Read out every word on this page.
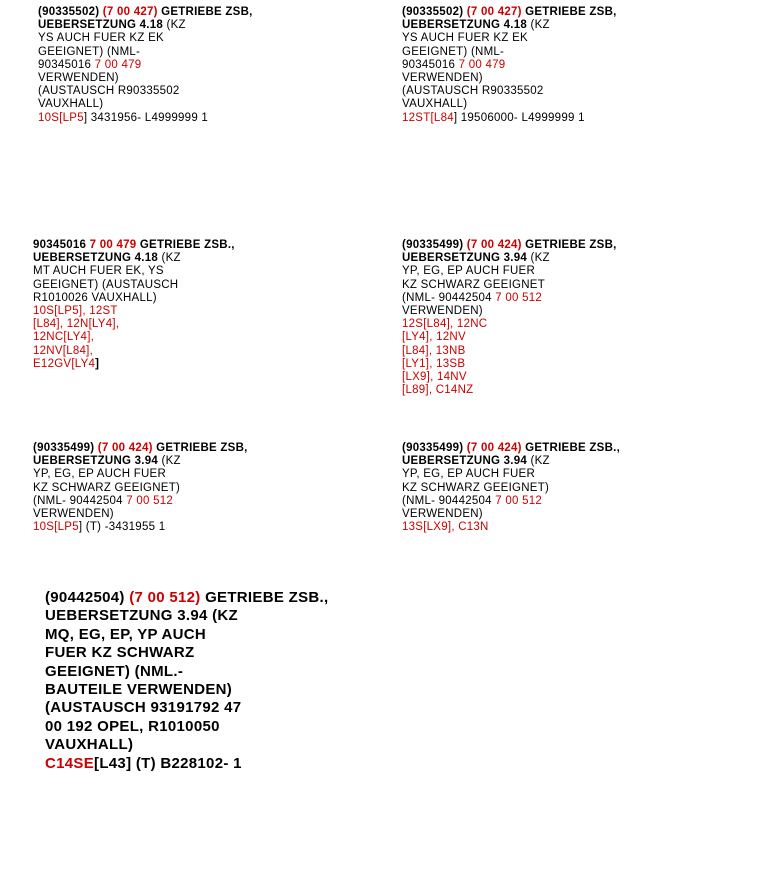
(90335502) (7 00 427) GETRIEBE ZSB,
UEBERSETZUNG 4.18 (KZ
YS AUCH FUER KZ EK
GEEIGNET) (NML-
90345016 7 00 479
VERWENDEN)
(AUSTAUSCH R90335502
VAUXHALL)
10S[LP5] 3431956- L4999999 1
(90335502) (7 00 427) GETRIEBE ZSB,
UEBERSETZUNG 4.18 (KZ
YS AUCH FUER KZ EK
GEEIGNET) (NML-
90345016 7 00 479
VERWENDEN)
(AUSTAUSCH R90335502
VAUXHALL)
12ST[L84] 19506000- L4999999 1
90345016 7 00 479 GETRIEBE ZSB.,
UEBERSETZUNG 4.18 (KZ
MT AUCH FUER EK, YS
GEEIGNET) (AUSTAUSCH
R1010026 VAUXHALL)
10S[LP5], 12ST
[L84], 12N[LY4],
12NC[LY4],
12NV[L84],
E12GV[LY4]
(90335499) (7 00 424) GETRIEBE ZSB,
UEBERSETZUNG 3.94 (KZ
YP, EG, EP AUCH FUER
KZ SCHWARZ GEEIGNET
(NML- 90442504 7 00 512
VERWENDEN)
12S[L84], 12NC
[LY4], 12NV
[L84], 13NB
[LY1], 13SB
[LX9], 14NV
[L89], C14NZ
(90335499) (7 00 424) GETRIEBE ZSB,
UEBERSETZUNG 3.94 (KZ
YP, EG, EP AUCH FUER
KZ SCHWARZ GEEIGNET)
(NML- 90442504 7 00 512
VERWENDEN)
10S[LP5] (T) -3431955 1
(90335499) (7 00 424) GETRIEBE ZSB.,
UEBERSETZUNG 3.94 (KZ
YP, EG, EP AUCH FUER
KZ SCHWARZ GEEIGNET)
(NML- 90442504 7 00 512
VERWENDEN)
13S[LX9], C13N
(90442504) (7 00 512) GETRIEBE ZSB.,
UEBERSETZUNG 3.94 (KZ
MQ, EG, EP, YP AUCH
FUER KZ SCHWARZ
GEEIGNET) (NML.-
BAUTEILE VERWENDEN)
(AUSTAUSCH 93191792 47
00 192 OPEL, R1010050
VAUXHALL)
C14SE[L43] (T) B228102- 1
